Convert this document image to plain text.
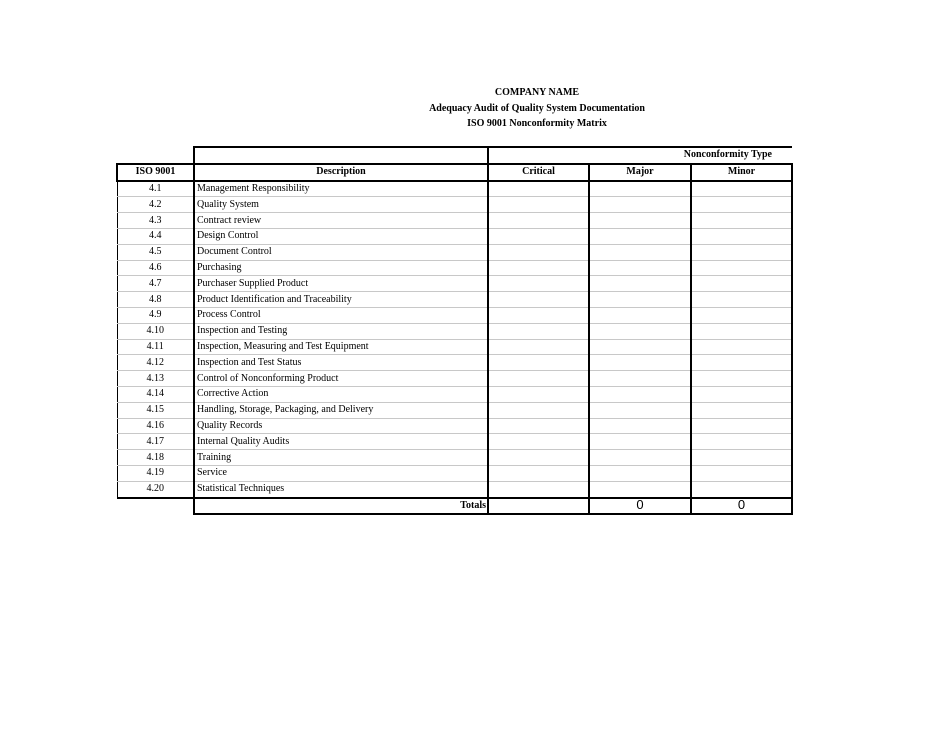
COMPANY NAME
Adequacy Audit of Quality System Documentation
ISO 9001 Nonconformity Matrix
		Nonconformity Type		
ISO 9001	Description	Critical	Major	Minor
4.1	Management Responsibility			
4.2	Quality System			
4.3	Contract review			
4.4	Design Control			
4.5	Document Control			
4.6	Purchasing			
4.7	Purchaser Supplied Product			
4.8	Product Identification and Traceability			
4.9	Process Control			
4.10	Inspection and Testing			
4.11	Inspection, Measuring and Test Equipment			
4.12	Inspection and Test Status			
4.13	Control of Nonconforming Product			
4.14	Corrective Action			
4.15	Handling, Storage, Packaging, and Delivery			
4.16	Quality Records			
4.17	Internal Quality Audits			
4.18	Training			
4.19	Service			
4.20	Statistical Techniques			
	Totals		0	0
